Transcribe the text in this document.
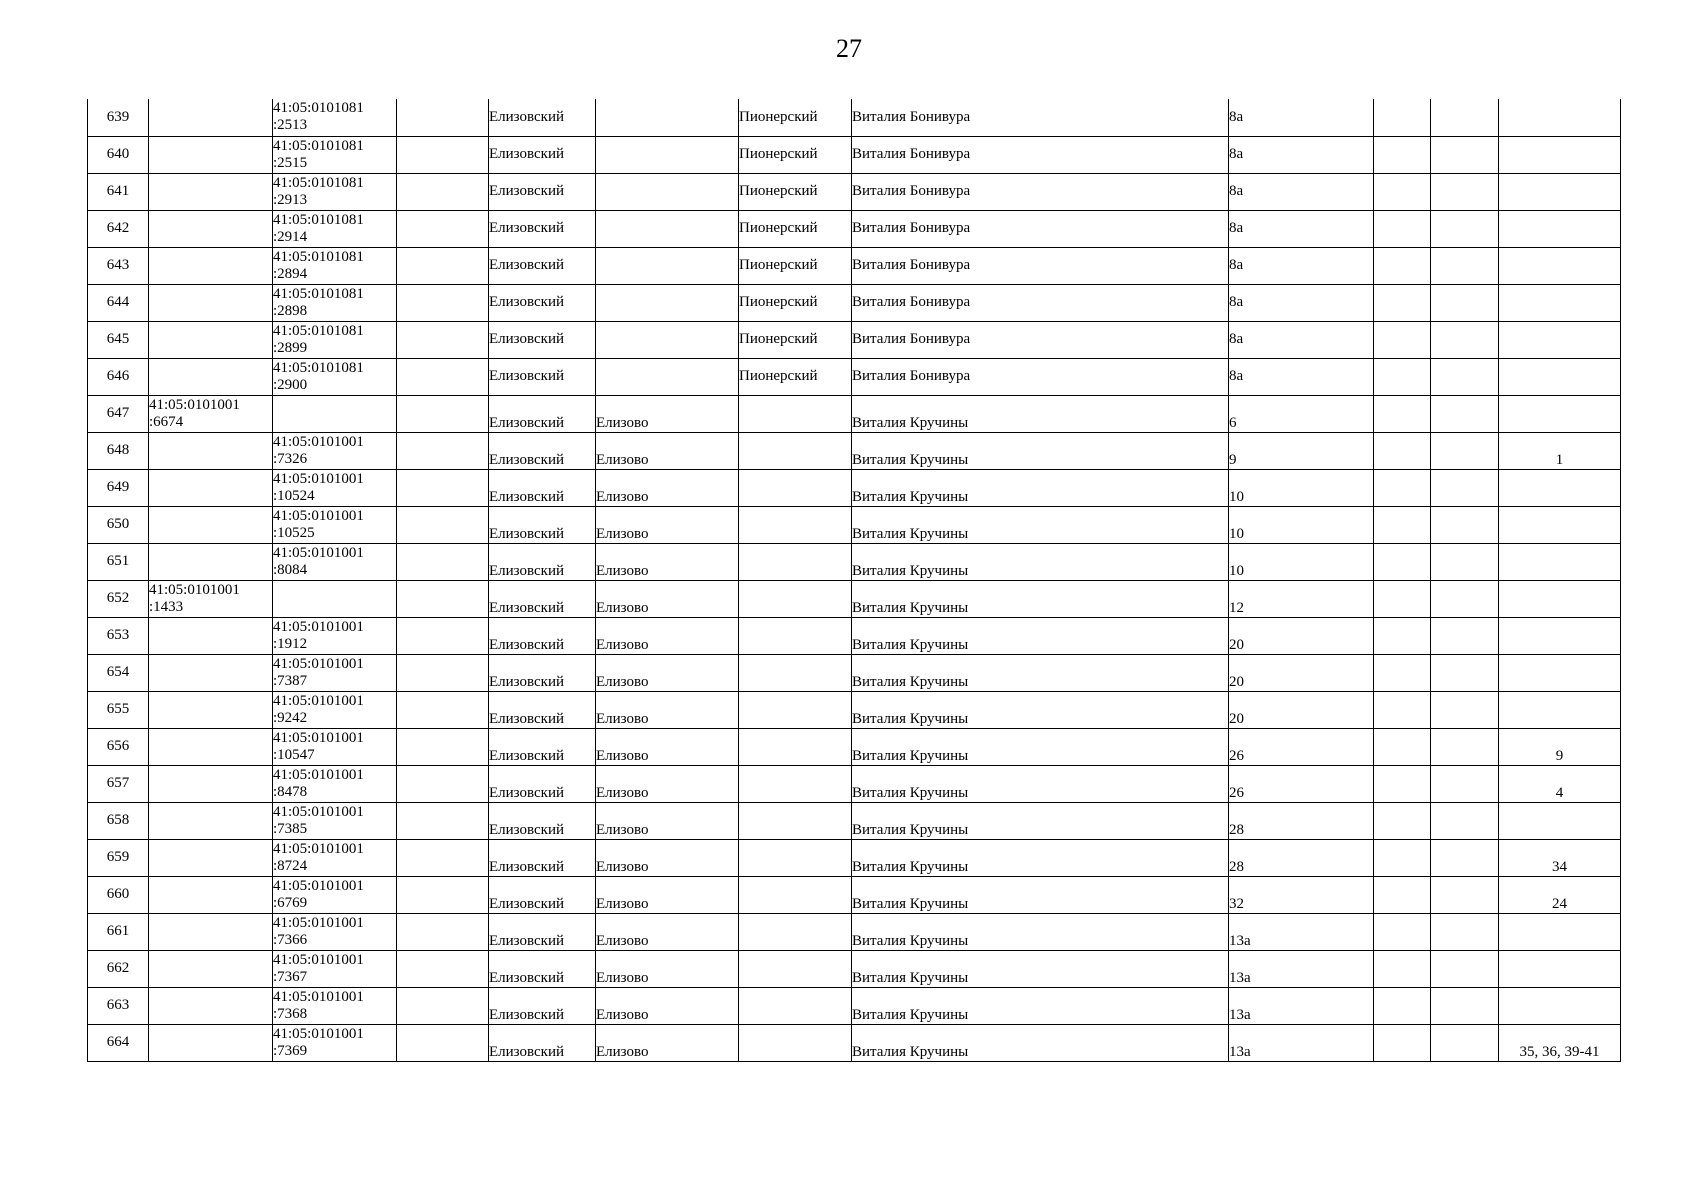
27
639		41:05:0101081
:2513		Елизовский		Пионерский	Виталия Бонивура	8а			
640		41:05:0101081
:2515		Елизовский		Пионерский	Виталия Бонивура	8а			
641		41:05:0101081
:2913		Елизовский		Пионерский	Виталия Бонивура	8а			
642		41:05:0101081
:2914		Елизовский		Пионерский	Виталия Бонивура	8а			
643		41:05:0101081
:2894		Елизовский		Пионерский	Виталия Бонивура	8а			
644		41:05:0101081
:2898		Елизовский		Пионерский	Виталия Бонивура	8а			
645		41:05:0101081
:2899		Елизовский		Пионерский	Виталия Бонивура	8а			
646		41:05:0101081
:2900		Елизовский		Пионерский	Виталия Бонивура	8а			
647	41:05:0101001
:6674			Елизовский	Елизово		Виталия Кручины	6			
648		41:05:0101001
:7326		Елизовский	Елизово		Виталия Кручины	9			1
649		41:05:0101001
:10524		Елизовский	Елизово		Виталия Кручины	10			
650		41:05:0101001
:10525		Елизовский	Елизово		Виталия Кручины	10			
651		41:05:0101001
:8084		Елизовский	Елизово		Виталия Кручины	10			
652	41:05:0101001
:1433			Елизовский	Елизово		Виталия Кручины	12			
653		41:05:0101001
:1912		Елизовский	Елизово		Виталия Кручины	20			
654		41:05:0101001
:7387		Елизовский	Елизово		Виталия Кручины	20			
655		41:05:0101001
:9242		Елизовский	Елизово		Виталия Кручины	20			
656		41:05:0101001
:10547		Елизовский	Елизово		Виталия Кручины	26			9
657		41:05:0101001
:8478		Елизовский	Елизово		Виталия Кручины	26			4
658		41:05:0101001
:7385		Елизовский	Елизово		Виталия Кручины	28			
659		41:05:0101001
:8724		Елизовский	Елизово		Виталия Кручины	28			34
660		41:05:0101001
:6769		Елизовский	Елизово		Виталия Кручины	32			24
661		41:05:0101001
:7366		Елизовский	Елизово		Виталия Кручины	13а			
662		41:05:0101001
:7367		Елизовский	Елизово		Виталия Кручины	13а			
663		41:05:0101001
:7368		Елизовский	Елизово		Виталия Кручины	13а			
664		41:05:0101001
:7369		Елизовский	Елизово		Виталия Кручины	13а			35, 36, 39-41
